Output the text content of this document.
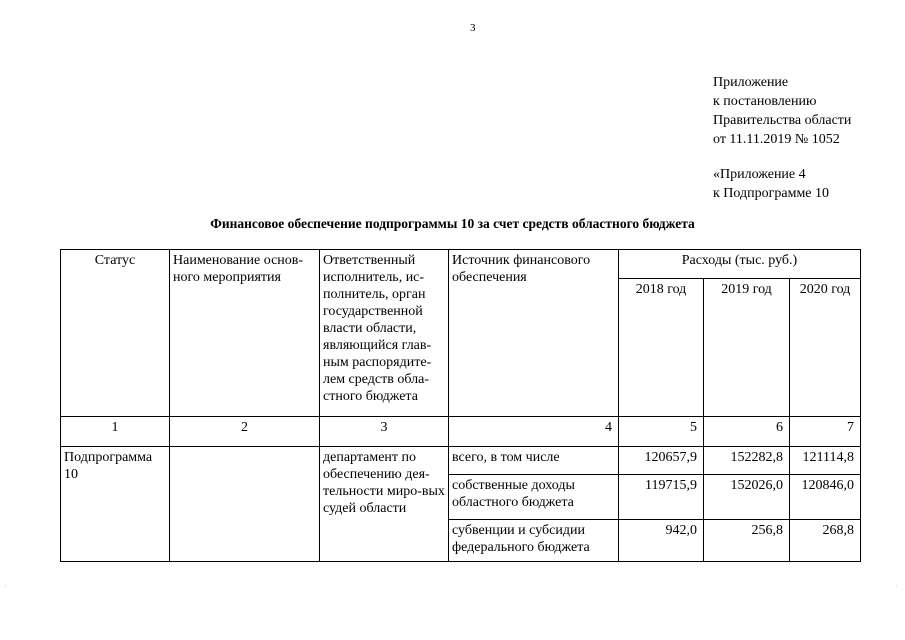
3
Приложение
к постановлению
Правительства области
от 11.11.2019 № 1052
«Приложение 4
к Подпрограмме 10
Финансовое обеспечение подпрограммы 10 за счет средств областного бюджета
Статус	Наименование основ-ного мероприятия	Ответственный исполнитель, ис-полнитель, орган государственной власти области, являющийся глав-ным распорядите-лем средств обла-стного бюджета	Источник финансового обеспечения	Расходы (тыс. руб.)		
				2018 год	2019 год	2020 год
1	2	3	4	5	6	7
Подпрограмма 10		департамент по обеспечению дея-тельности миро-вых судей области	всего, в том числе	120657,9	152282,8	121114,8
			собственные доходы областного бюджета	119715,9	152026,0	120846,0
			субвенции и субсидии федерального бюджета	942,0	256,8	268,8
·	·
